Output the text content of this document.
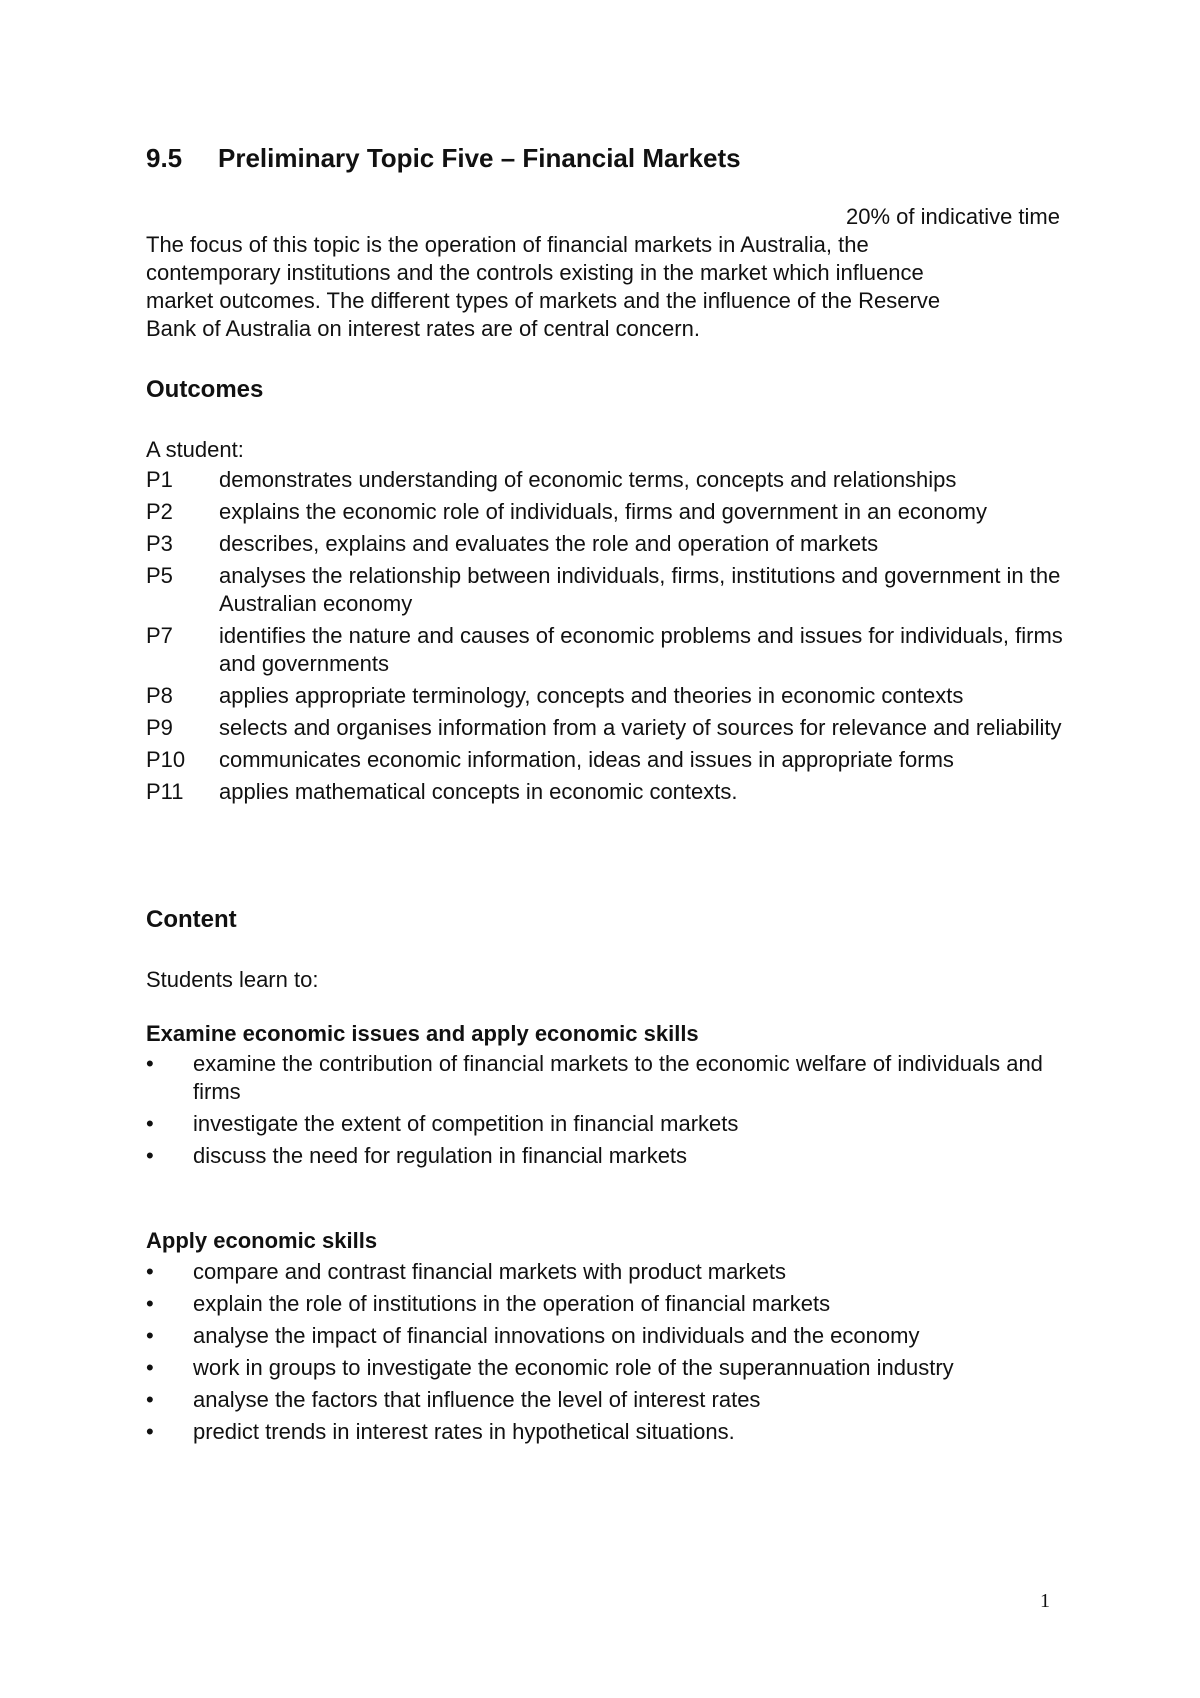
9.5 Preliminary Topic Five – Financial Markets
20% of indicative time
The focus of this topic is the operation of financial markets in Australia, the
contemporary institutions and the controls existing in the market which influence
market outcomes. The different types of markets and the influence of the Reserve
Bank of Australia on interest rates are of central concern.
Outcomes
A student:
P1	demonstrates understanding of economic terms, concepts and relationships
P2	explains the economic role of individuals, firms and government in an economy
P3	describes, explains and evaluates the role and operation of markets
P5	analyses the relationship between individuals, firms, institutions and government in the Australian economy
P7	identifies the nature and causes of economic problems and issues for individuals, firms and governments
P8	applies appropriate terminology, concepts and theories in economic contexts
P9	selects and organises information from a variety of sources for relevance and reliability
P10	communicates economic information, ideas and issues in appropriate forms
P11	applies mathematical concepts in economic contexts.
Content
Students learn to:
Examine economic issues and apply economic skills
•	examine the contribution of financial markets to the economic welfare of individuals and firms
•	investigate the extent of competition in financial markets
•	discuss the need for regulation in financial markets
Apply economic skills
•	compare and contrast financial markets with product markets
•	explain the role of institutions in the operation of financial markets
•	analyse the impact of financial innovations on individuals and the economy
•	work in groups to investigate the economic role of the superannuation industry
•	analyse the factors that influence the level of interest rates
•	predict trends in interest rates in hypothetical situations.
1
